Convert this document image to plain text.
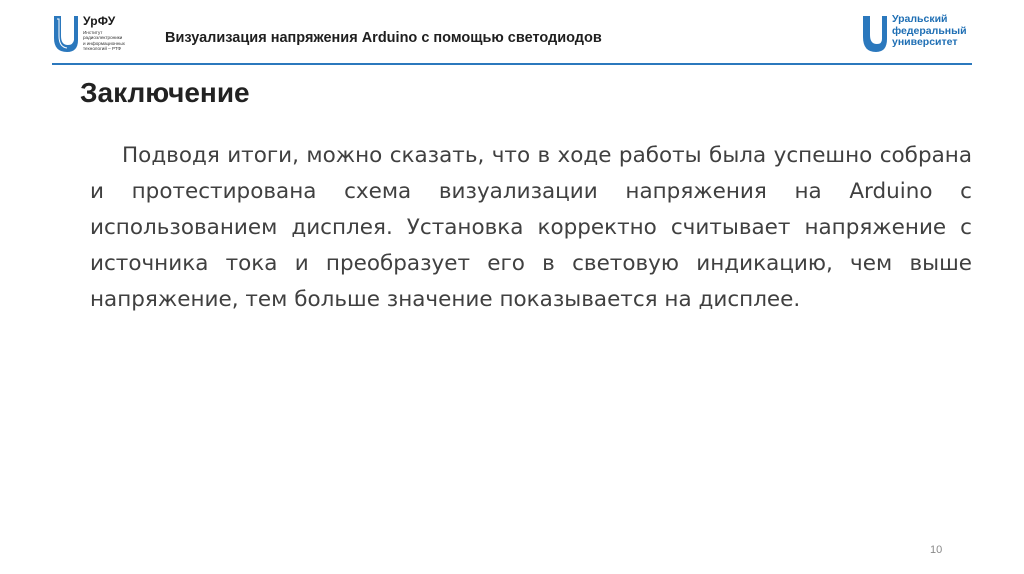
УрФУ
Институт
радиоэлектроники
и информационных
технологий – РТФ
Визуализация напряжения Arduino с помощью светодиодов
Уральский
федеральный
университет
Заключение

Подводя итоги, можно сказать, что в ходе работы была успешно собрана и протестирована схема визуализации напряжения на Arduino с использованием дисплея. Установка корректно считывает напряжение с источника тока и преобразует его в световую индикацию, чем выше напряжение, тем больше значение показывается на дисплее.

10
